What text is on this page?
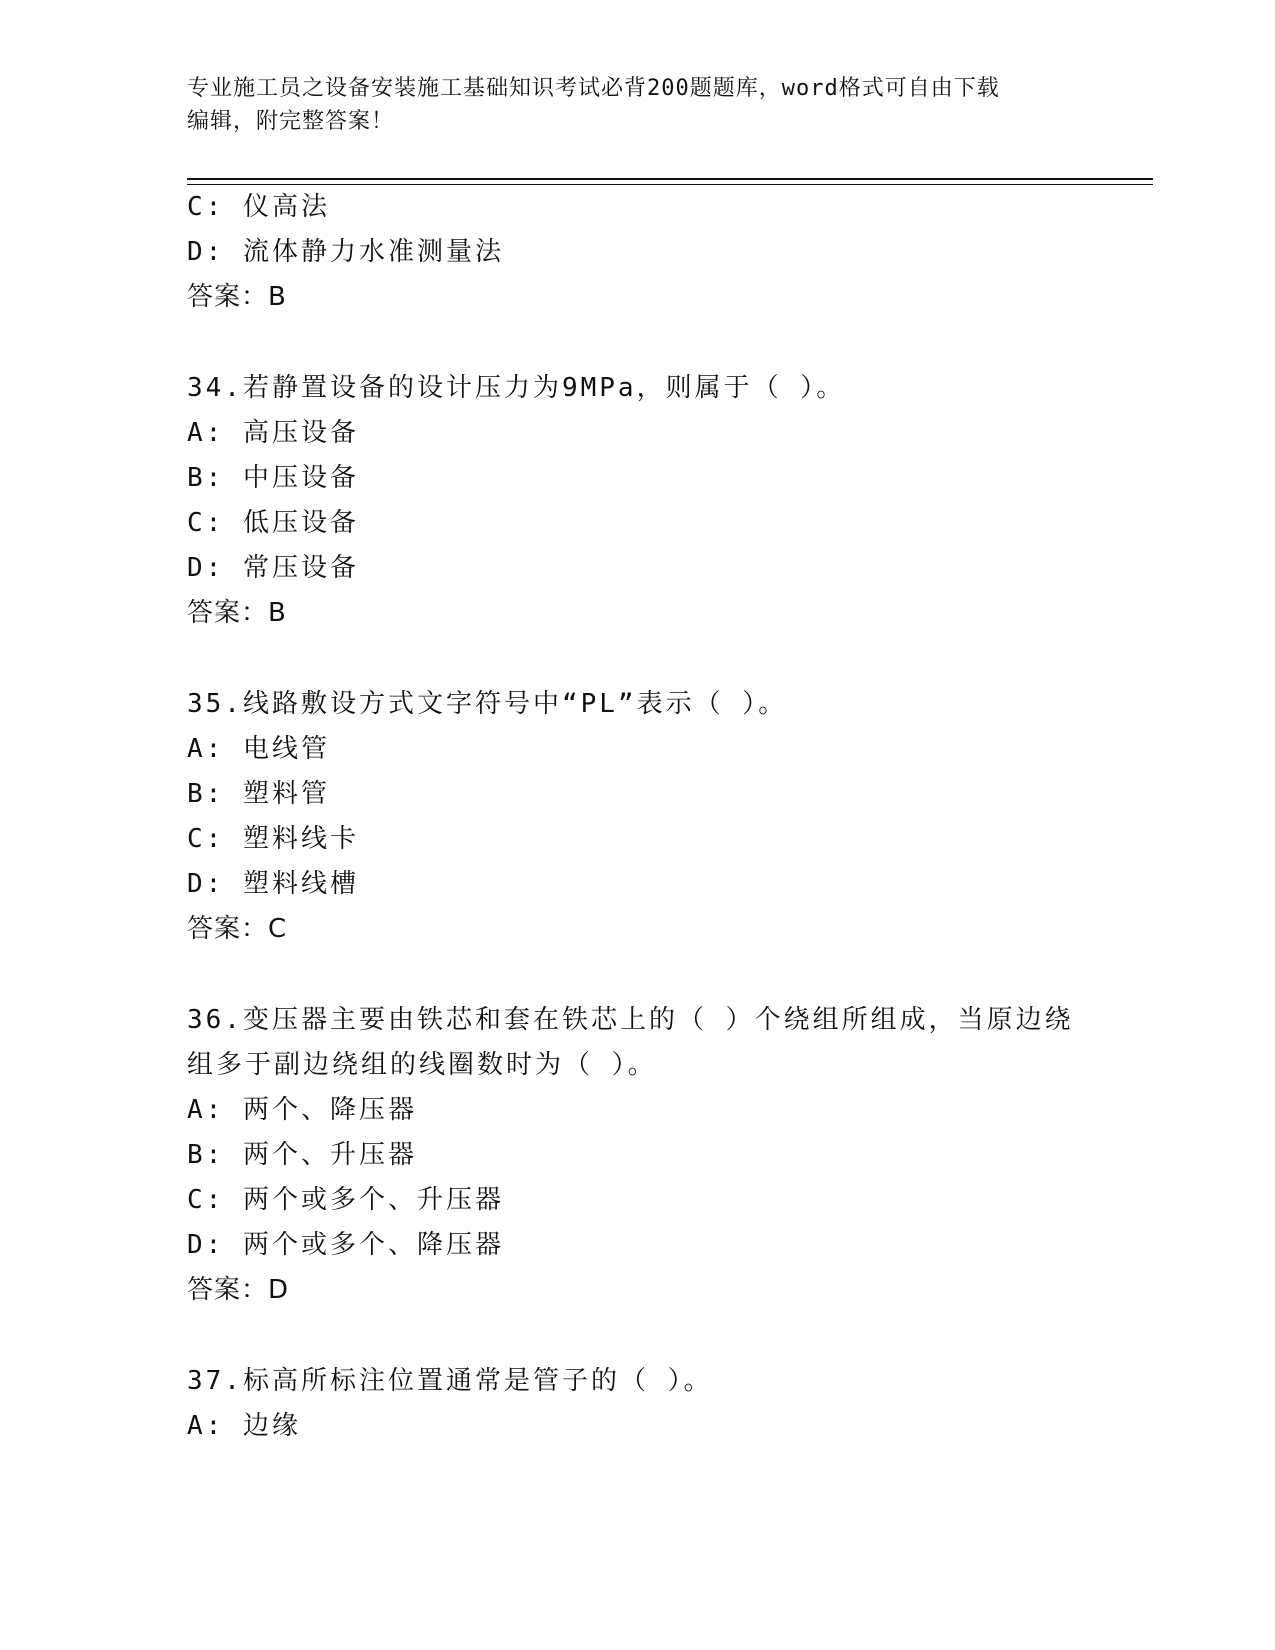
专业施工员之设备安装施工基础知识考试必背200题题库，word格式可自由下载
编辑，附完整答案！
C: 仪高法
D: 流体静力水准测量法
答案：B
34.若静置设备的设计压力为9MPa，则属于（ ）。
A: 高压设备
B: 中压设备
C: 低压设备
D: 常压设备
答案：B
35.线路敷设方式文字符号中“PL”表示（ ）。
A: 电线管
B: 塑料管
C: 塑料线卡
D: 塑料线槽
答案：C
36.变压器主要由铁芯和套在铁芯上的（ ）个绕组所组成，当原边绕
组多于副边绕组的线圈数时为（ ）。
A: 两个、降压器
B: 两个、升压器
C: 两个或多个、升压器
D: 两个或多个、降压器
答案：D
37.标高所标注位置通常是管子的（ ）。
A: 边缘
